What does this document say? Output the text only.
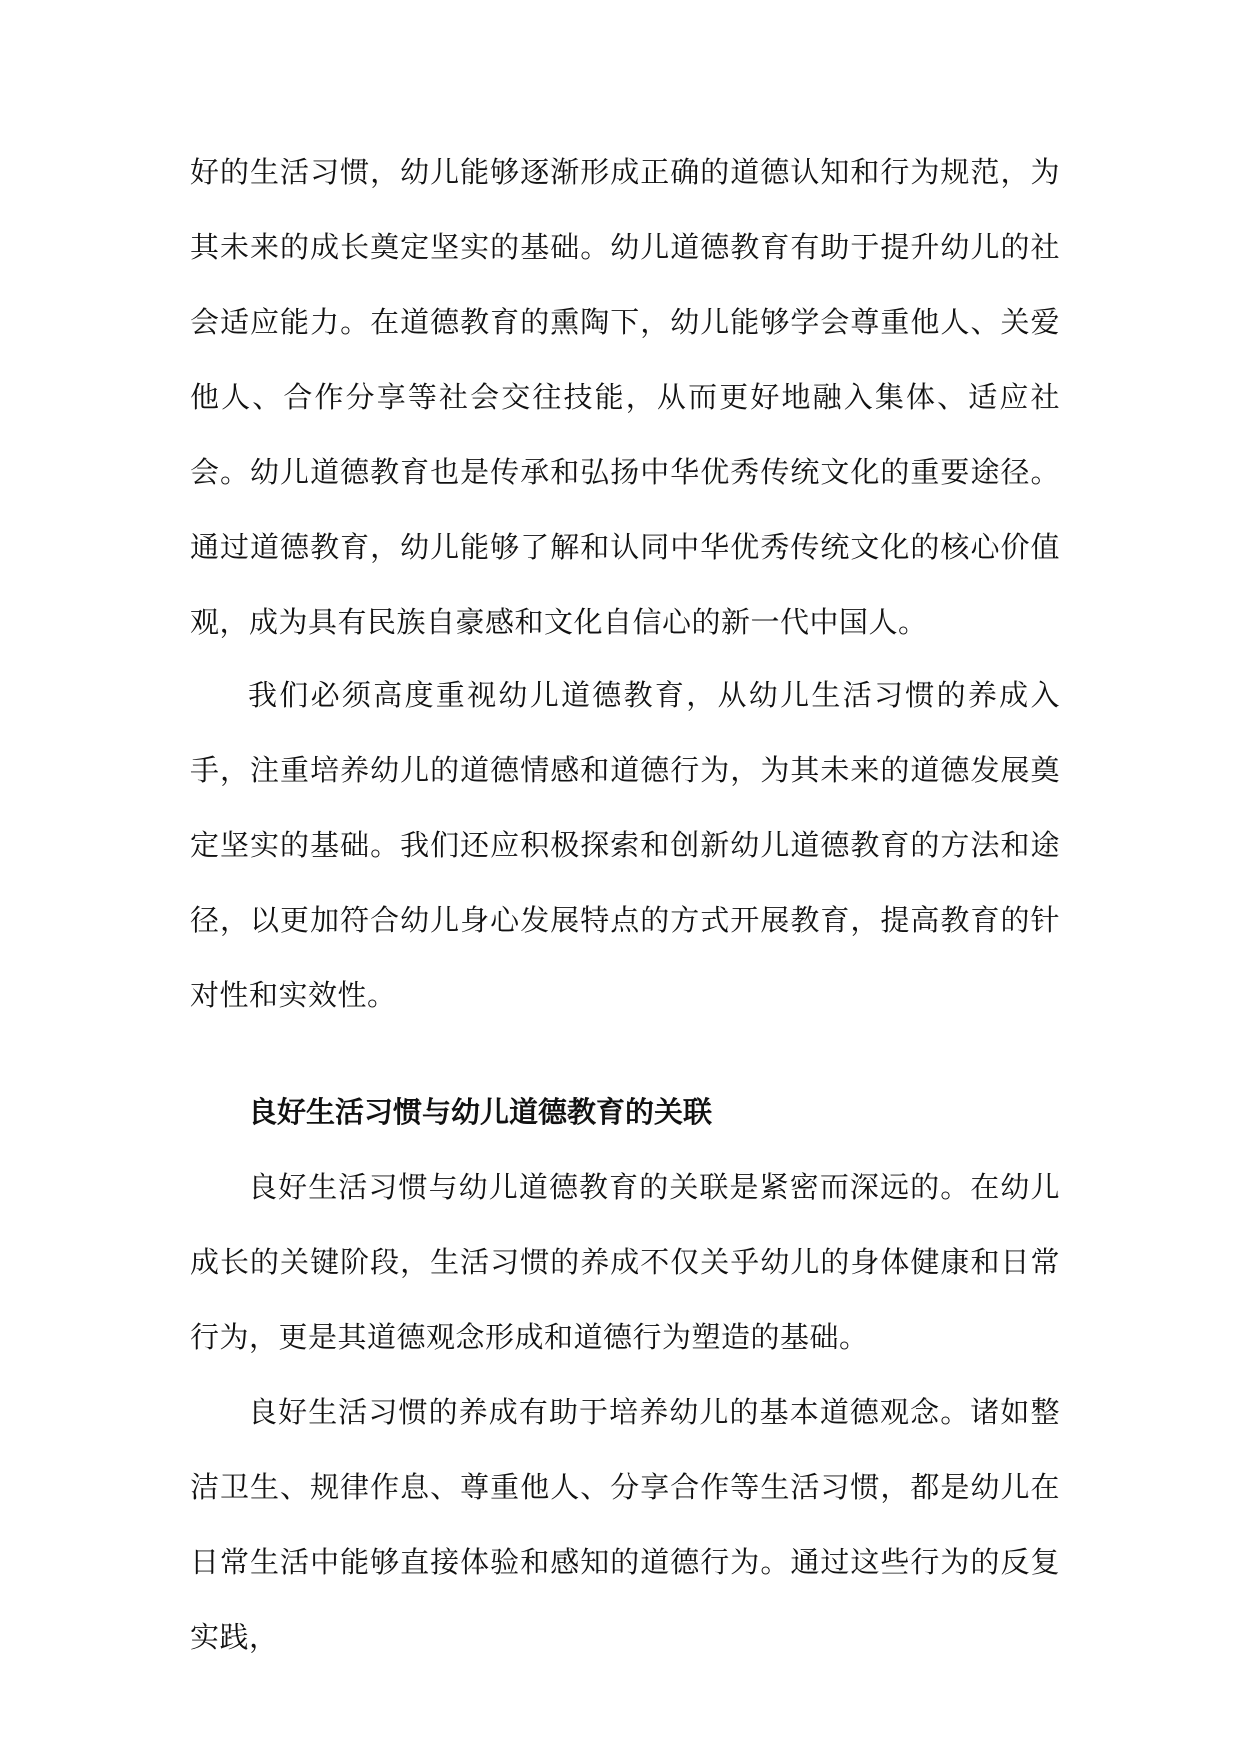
好的生活习惯，幼儿能够逐渐形成正确的道德认知和行为规范，为其未来的成长奠定坚实的基础。幼儿道德教育有助于提升幼儿的社会适应能力。在道德教育的熏陶下，幼儿能够学会尊重他人、关爱他人、合作分享等社会交往技能，从而更好地融入集体、适应社会。幼儿道德教育也是传承和弘扬中华优秀传统文化的重要途径。通过道德教育，幼儿能够了解和认同中华优秀传统文化的核心价值观，成为具有民族自豪感和文化自信心的新一代中国人。

我们必须高度重视幼儿道德教育，从幼儿生活习惯的养成入手，注重培养幼儿的道德情感和道德行为，为其未来的道德发展奠定坚实的基础。我们还应积极探索和创新幼儿道德教育的方法和途径，以更加符合幼儿身心发展特点的方式开展教育，提高教育的针对性和实效性。

良好生活习惯与幼儿道德教育的关联

良好生活习惯与幼儿道德教育的关联是紧密而深远的。在幼儿成长的关键阶段，生活习惯的养成不仅关乎幼儿的身体健康和日常行为，更是其道德观念形成和道德行为塑造的基础。

良好生活习惯的养成有助于培养幼儿的基本道德观念。诸如整洁卫生、规律作息、尊重他人、分享合作等生活习惯，都是幼儿在日常生活中能够直接体验和感知的道德行为。通过这些行为的反复实践，
